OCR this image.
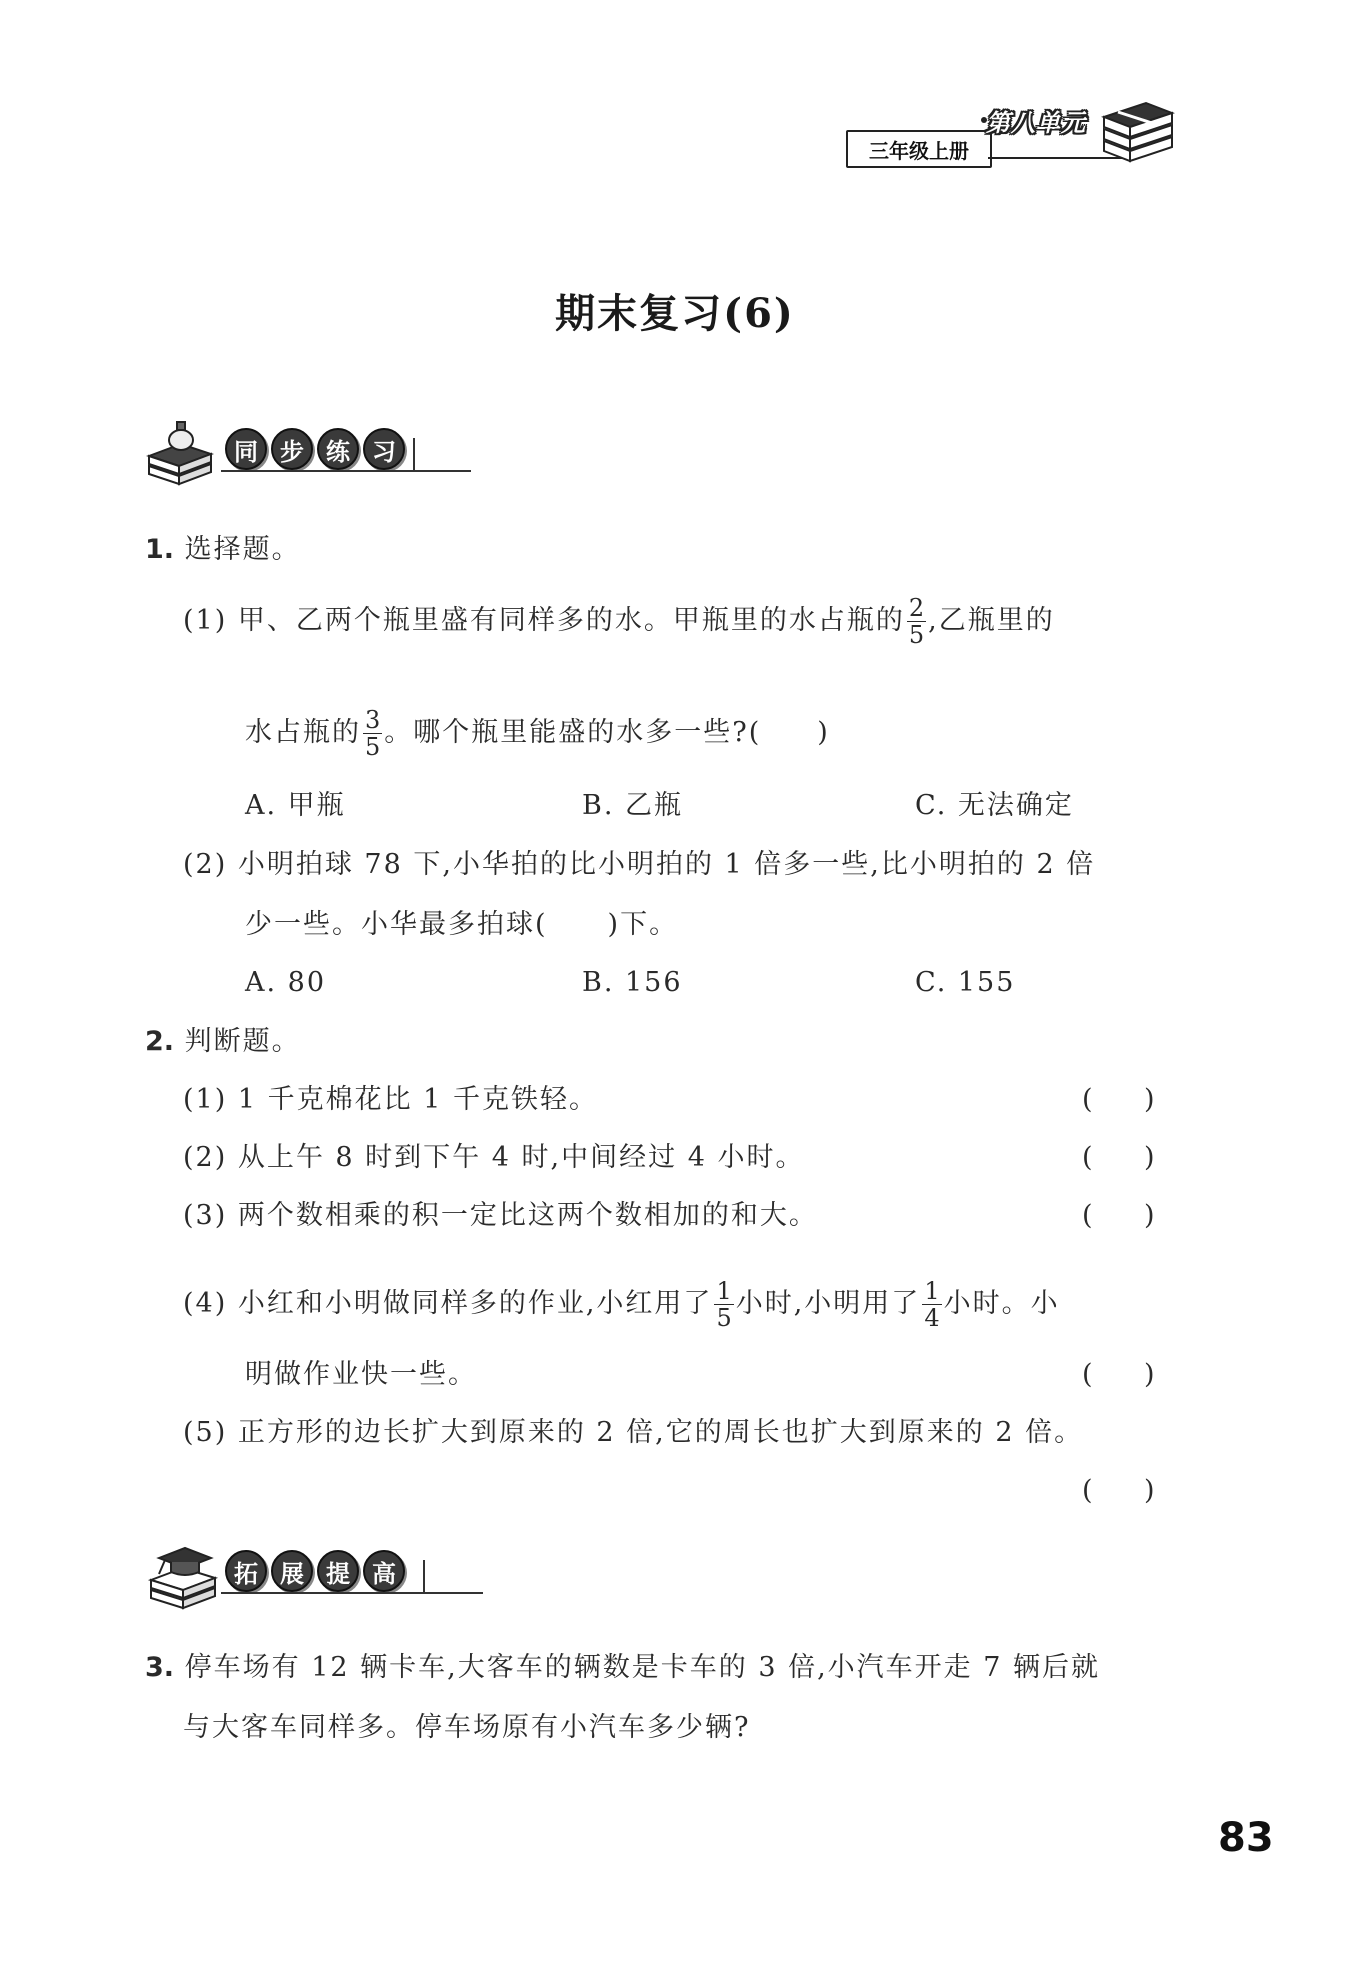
三年级上册
第八单元
期末复习(6)
同 步 练 习
1. 选择题。
(1) 甲、乙两个瓶里盛有同样多的水。甲瓶里的水占瓶的 $\frac{2}{5}$ ,乙瓶里的
水占瓶的 $\frac{3}{5}$ 。哪个瓶里能盛的水多一些?( )
A. 甲瓶	B. 乙瓶	C. 无法确定
(2) 小明拍球 78 下,小华拍的比小明拍的 1 倍多一些,比小明拍的 2 倍
少一些。小华最多拍球( )下。
A. 80	B. 156	C. 155
2. 判断题。
(1) 1 千克棉花比 1 千克铁轻。	( )
(2) 从上午 8 时到下午 4 时,中间经过 4 小时。	( )
(3) 两个数相乘的积一定比这两个数相加的和大。	( )
(4) 小红和小明做同样多的作业,小红用了 $\frac{1}{5}$ 小时,小明用了 $\frac{1}{4}$ 小时。小
明做作业快一些。	( )
(5) 正方形的边长扩大到原来的 2 倍,它的周长也扩大到原来的 2 倍。
( )
拓 展 提 高
3. 停车场有 12 辆卡车,大客车的辆数是卡车的 3 倍,小汽车开走 7 辆后就
与大客车同样多。停车场原有小汽车多少辆?
83
